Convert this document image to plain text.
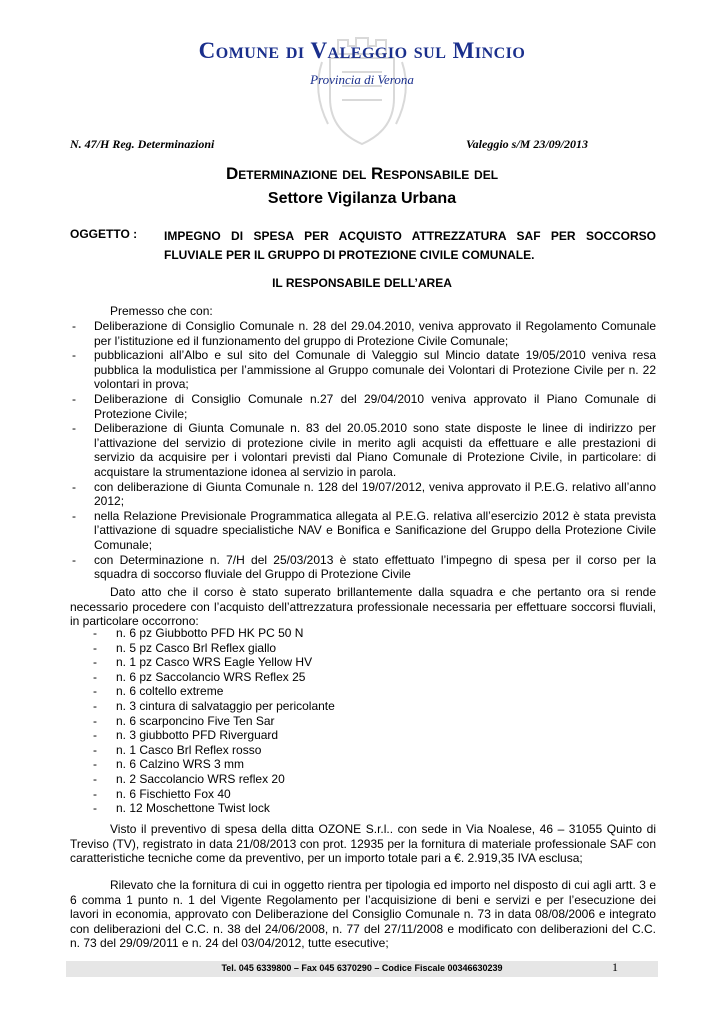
Comune di Valeggio sul Mincio
Provincia di Verona
N. 47/H Reg. Determinazioni	Valeggio s/M 23/09/2013
Determinazione del Responsabile del
Settore Vigilanza Urbana
OGGETTO : IMPEGNO DI SPESA PER ACQUISTO ATTREZZATURA SAF PER SOCCORSO FLUVIALE PER IL GRUPPO DI PROTEZIONE CIVILE COMUNALE.
IL RESPONSABILE DELL’AREA
Premesso che con:
- Deliberazione di Consiglio Comunale n. 28 del 29.04.2010, veniva approvato il Regolamento Comunale per l’istituzione ed il funzionamento del gruppo di Protezione Civile Comunale;
- pubblicazioni all’Albo e sul sito del Comunale di Valeggio sul Mincio datate 19/05/2010 veniva resa pubblica la modulistica per l’ammissione al Gruppo comunale dei Volontari di Protezione Civile per n. 22 volontari in prova;
- Deliberazione di Consiglio Comunale n.27 del 29/04/2010 veniva approvato il Piano Comunale di Protezione Civile;
- Deliberazione di Giunta Comunale n. 83 del 20.05.2010 sono state disposte le linee di indirizzo per l’attivazione del servizio di protezione civile in merito agli acquisti da effettuare e alle prestazioni di servizio da acquisire per i volontari previsti dal Piano Comunale di Protezione Civile, in particolare: di acquistare la strumentazione idonea al servizio in parola.
- con deliberazione di Giunta Comunale n. 128 del 19/07/2012, veniva approvato il P.E.G. relativo all’anno 2012;
- nella Relazione Previsionale Programmatica allegata al P.E.G. relativa all’esercizio 2012 è stata prevista l’attivazione di squadre specialistiche NAV e Bonifica e Sanificazione del Gruppo della Protezione Civile Comunale;
- con Determinazione n. 7/H del 25/03/2013 è stato effettuato l’impegno di spesa per il corso per la squadra di soccorso fluviale del Gruppo di Protezione Civile
Dato atto che il corso è stato superato brillantemente dalla squadra e che pertanto ora si rende necessario procedere con l’acquisto dell’attrezzatura professionale necessaria per effettuare soccorsi fluviali, in particolare occorrono:
- n. 6 pz Giubbotto PFD HK PC 50 N
- n. 5 pz Casco Brl Reflex giallo
- n. 1 pz Casco WRS Eagle Yellow HV
- n. 6 pz Saccolancio WRS Reflex 25
- n. 6 coltello extreme
- n. 3 cintura di salvataggio per pericolante
- n. 6 scarponcino Five Ten Sar
- n. 3 giubbotto PFD Riverguard
- n. 1 Casco Brl Reflex rosso
- n. 6 Calzino WRS 3 mm
- n. 2 Saccolancio WRS reflex 20
- n. 6 Fischietto Fox 40
- n. 12 Moschettone Twist lock
Visto il preventivo di spesa della ditta OZONE S.r.l.. con sede in Via Noalese, 46 – 31055 Quinto di Treviso (TV), registrato in data 21/08/2013 con prot. 12935 per la fornitura di materiale professionale SAF con caratteristiche tecniche come da preventivo, per un importo totale pari a €. 2.919,35 IVA esclusa;
Rilevato che la fornitura di cui in oggetto rientra per tipologia ed importo nel disposto di cui agli artt. 3 e 6 comma 1 punto n. 1 del Vigente Regolamento per l’acquisizione di beni e servizi e per l’esecuzione dei lavori in economia, approvato con Deliberazione del Consiglio Comunale n. 73 in data 08/08/2006 e integrato con deliberazioni del C.C. n. 38 del 24/06/2008, n. 77 del 27/11/2008 e modificato con deliberazioni del C.C. n. 73 del 29/09/2011 e n. 24 del 03/04/2012, tutte esecutive;
Tel. 045 6339800 – Fax 045 6370290 – Codice Fiscale 00346630239	1
